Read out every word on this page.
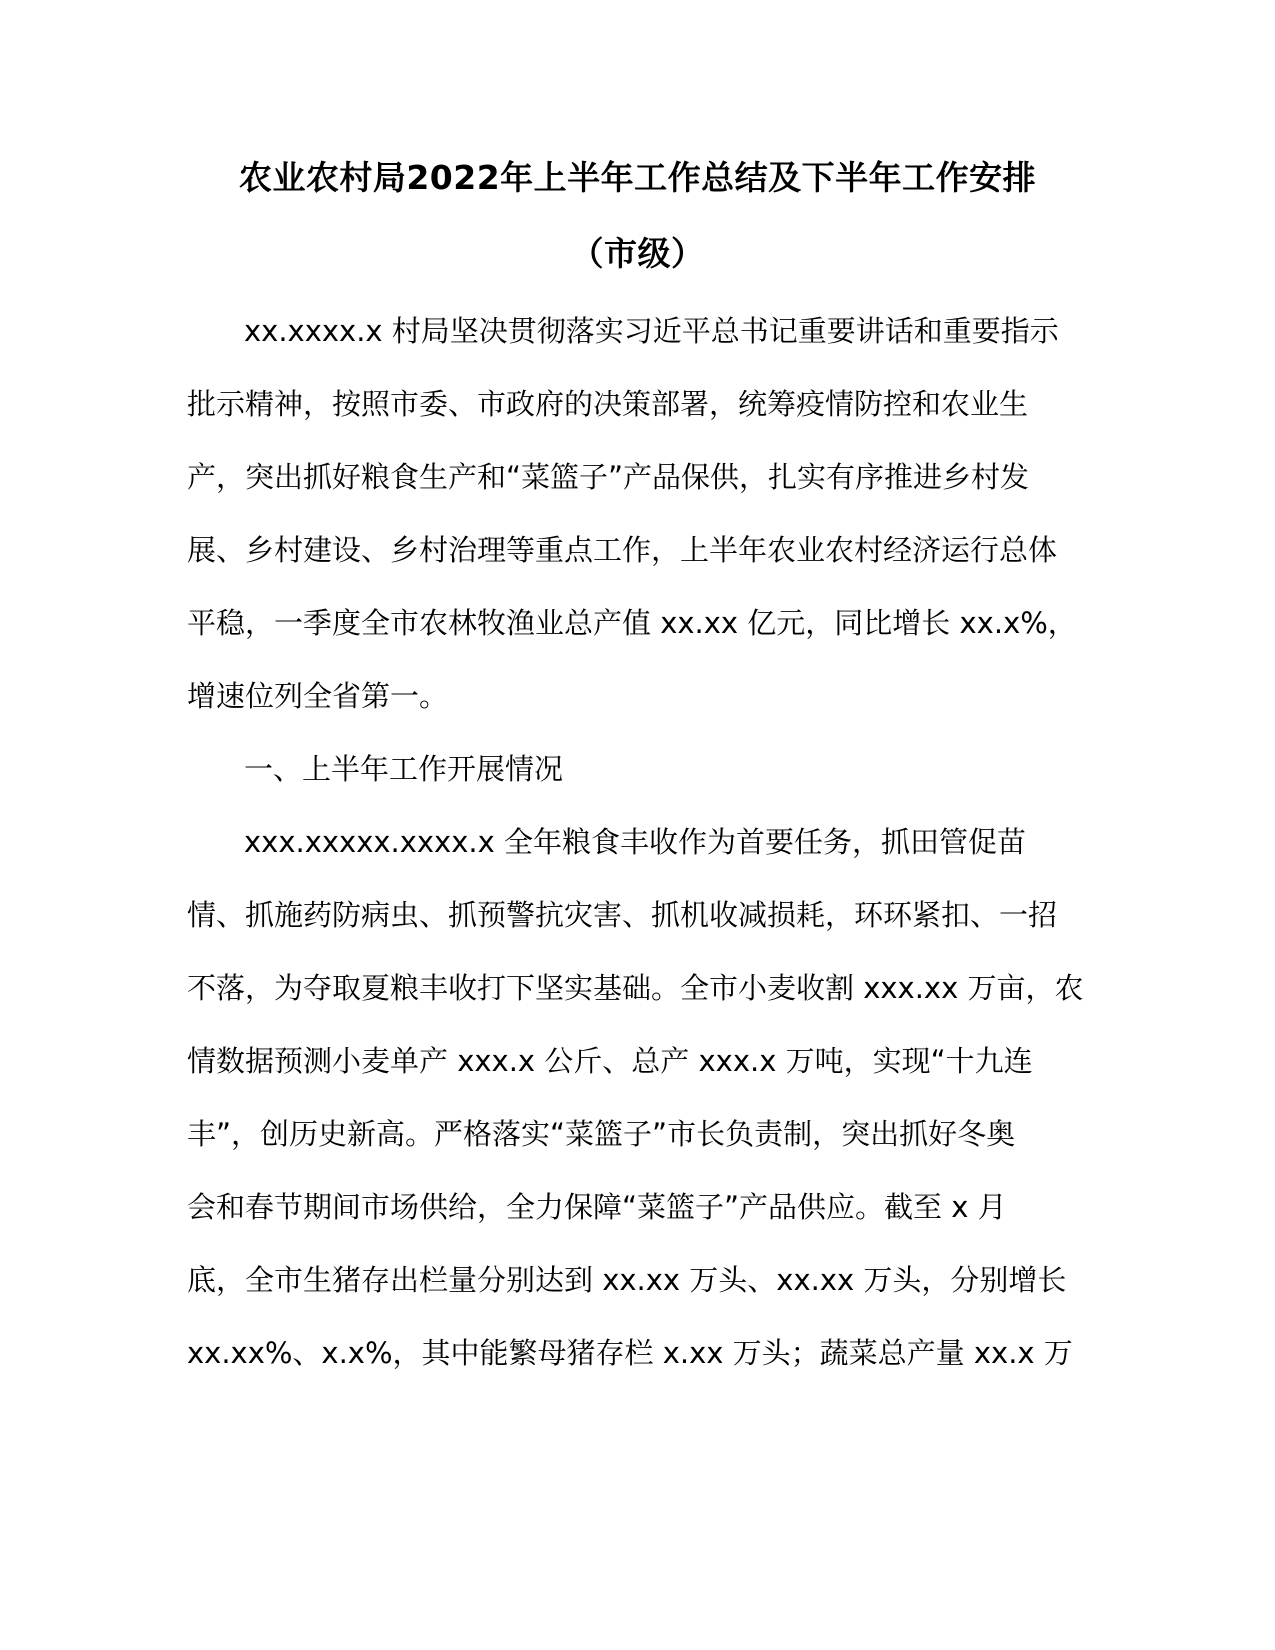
农业农村局2022年上半年工作总结及下半年工作安排
（市级）
xx.xxxx.x 村局坚决贯彻落实习近平总书记重要讲话和重要指示
批示精神，按照市委、市政府的决策部署，统筹疫情防控和农业生
产，突出抓好粮食生产和“菜篮子”产品保供，扎实有序推进乡村发
展、乡村建设、乡村治理等重点工作，上半年农业农村经济运行总体
平稳，一季度全市农林牧渔业总产值 xx.xx 亿元，同比增长 xx.x%，
增速位列全省第一。
一、上半年工作开展情况
xxx.xxxxx.xxxx.x 全年粮食丰收作为首要任务，抓田管促苗
情、抓施药防病虫、抓预警抗灾害、抓机收减损耗，环环紧扣、一招
不落，为夺取夏粮丰收打下坚实基础。全市小麦收割 xxx.xx 万亩，农
情数据预测小麦单产 xxx.x 公斤、总产 xxx.x 万吨，实现“十九连
丰”，创历史新高。严格落实“菜篮子”市长负责制，突出抓好冬奥
会和春节期间市场供给，全力保障“菜篮子”产品供应。截至 x 月
底，全市生猪存出栏量分别达到 xx.xx 万头、xx.xx 万头，分别增长
xx.xx%、x.x%，其中能繁母猪存栏 x.xx 万头；蔬菜总产量 xx.x 万
